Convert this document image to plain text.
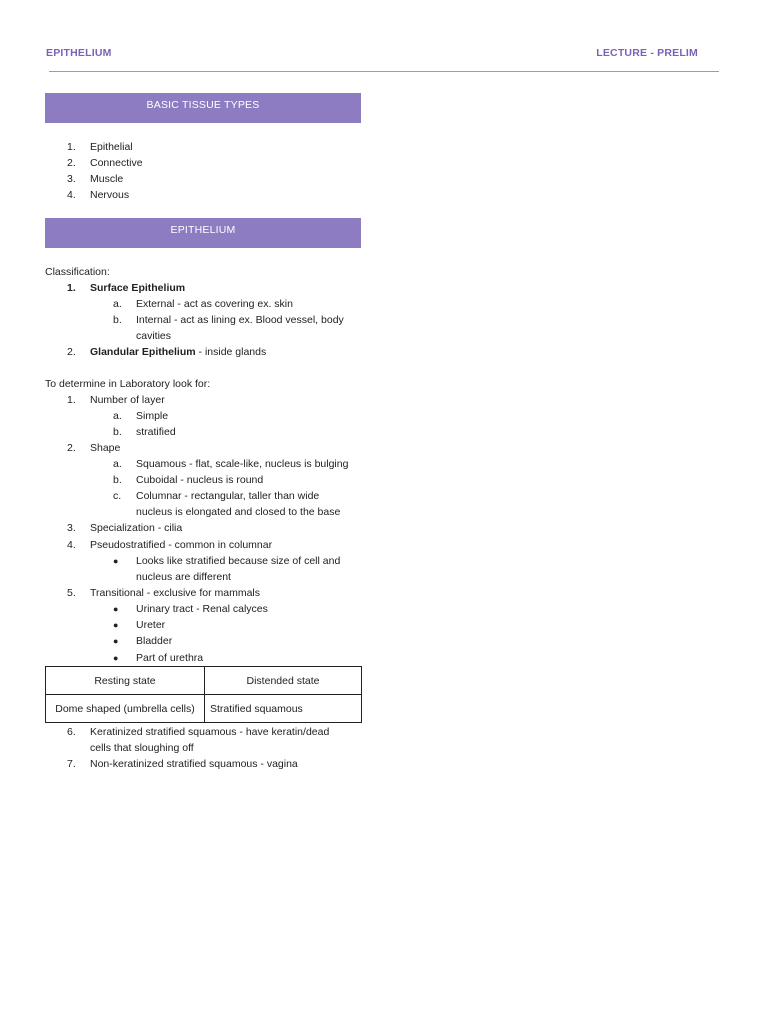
EPITHELIUM	LECTURE - PRELIM
BASIC TISSUE TYPES
1. Epithelial
2. Connective
3. Muscle
4. Nervous
EPITHELIUM
Classification:
1. Surface Epithelium
a. External - act as covering ex. skin
b. Internal - act as lining ex. Blood vessel, body
cavities
2. Glandular Epithelium - inside glands
To determine in Laboratory look for:
1. Number of layer
a. Simple
b. stratified
2. Shape
a. Squamous - flat, scale-like, nucleus is bulging
b. Cuboidal - nucleus is round
c. Columnar - rectangular, taller than wide
nucleus is elongated and closed to the base
3. Specialization - cilia
4. Pseudostratified - common in columnar
● Looks like stratified because size of cell and
nucleus are different
5. Transitional - exclusive for mammals
● Urinary tract - Renal calyces
● Ureter
● Bladder
● Part of urethra
Resting state	Distended state
Dome shaped (umbrella cells)	Stratified squamous
6. Keratinized stratified squamous - have keratin/dead
cells that sloughing off
7. Non-keratinized stratified squamous - vagina
